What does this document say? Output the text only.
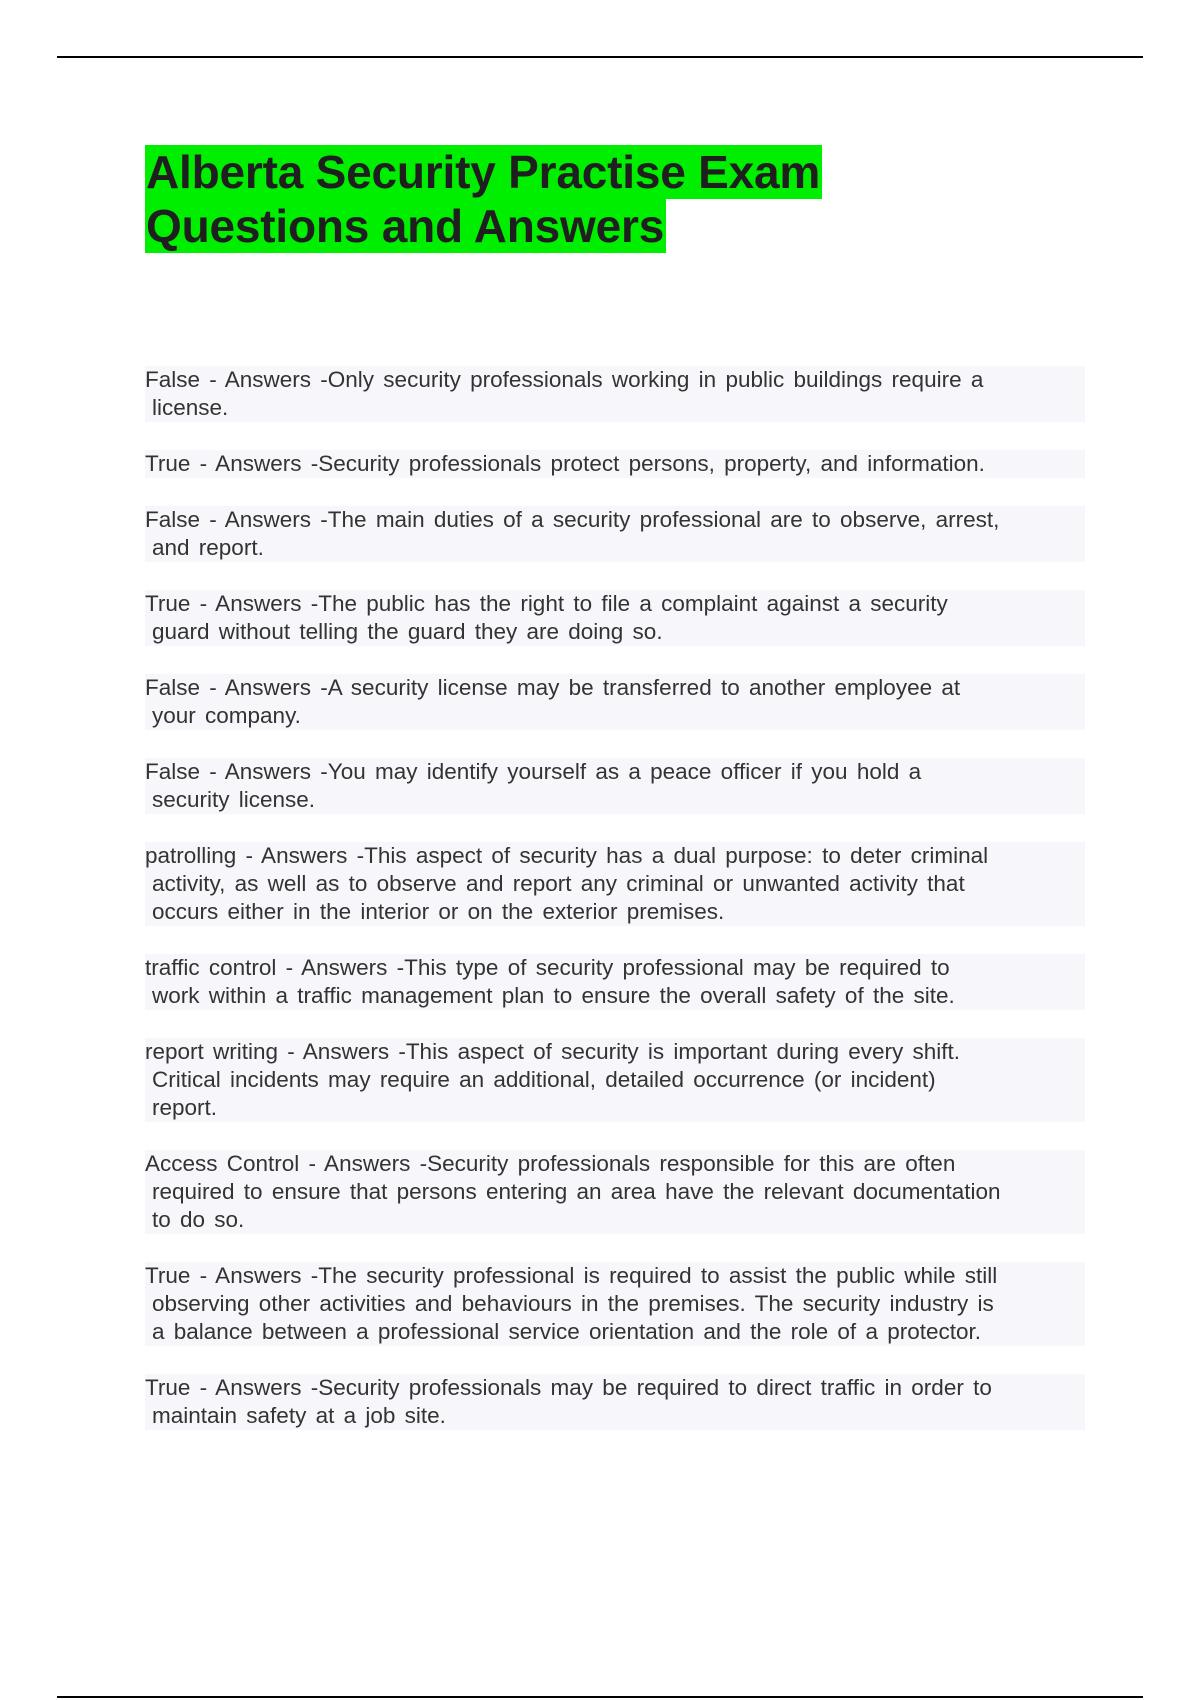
Alberta Security Practise Exam
Questions and Answers
False - Answers -Only security professionals working in public buildings require a
license.
True - Answers -Security professionals protect persons, property, and information.
False - Answers -The main duties of a security professional are to observe, arrest,
and report.
True - Answers -The public has the right to file a complaint against a security
guard without telling the guard they are doing so.
False - Answers -A security license may be transferred to another employee at
your company.
False - Answers -You may identify yourself as a peace officer if you hold a
security license.
patrolling - Answers -This aspect of security has a dual purpose: to deter criminal
activity, as well as to observe and report any criminal or unwanted activity that
occurs either in the interior or on the exterior premises.
traffic control - Answers -This type of security professional may be required to
work within a traffic management plan to ensure the overall safety of the site.
report writing - Answers -This aspect of security is important during every shift.
Critical incidents may require an additional, detailed occurrence (or incident)
report.
Access Control - Answers -Security professionals responsible for this are often
required to ensure that persons entering an area have the relevant documentation
to do so.
True - Answers -The security professional is required to assist the public while still
observing other activities and behaviours in the premises. The security industry is
a balance between a professional service orientation and the role of a protector.
True - Answers -Security professionals may be required to direct traffic in order to
maintain safety at a job site.
